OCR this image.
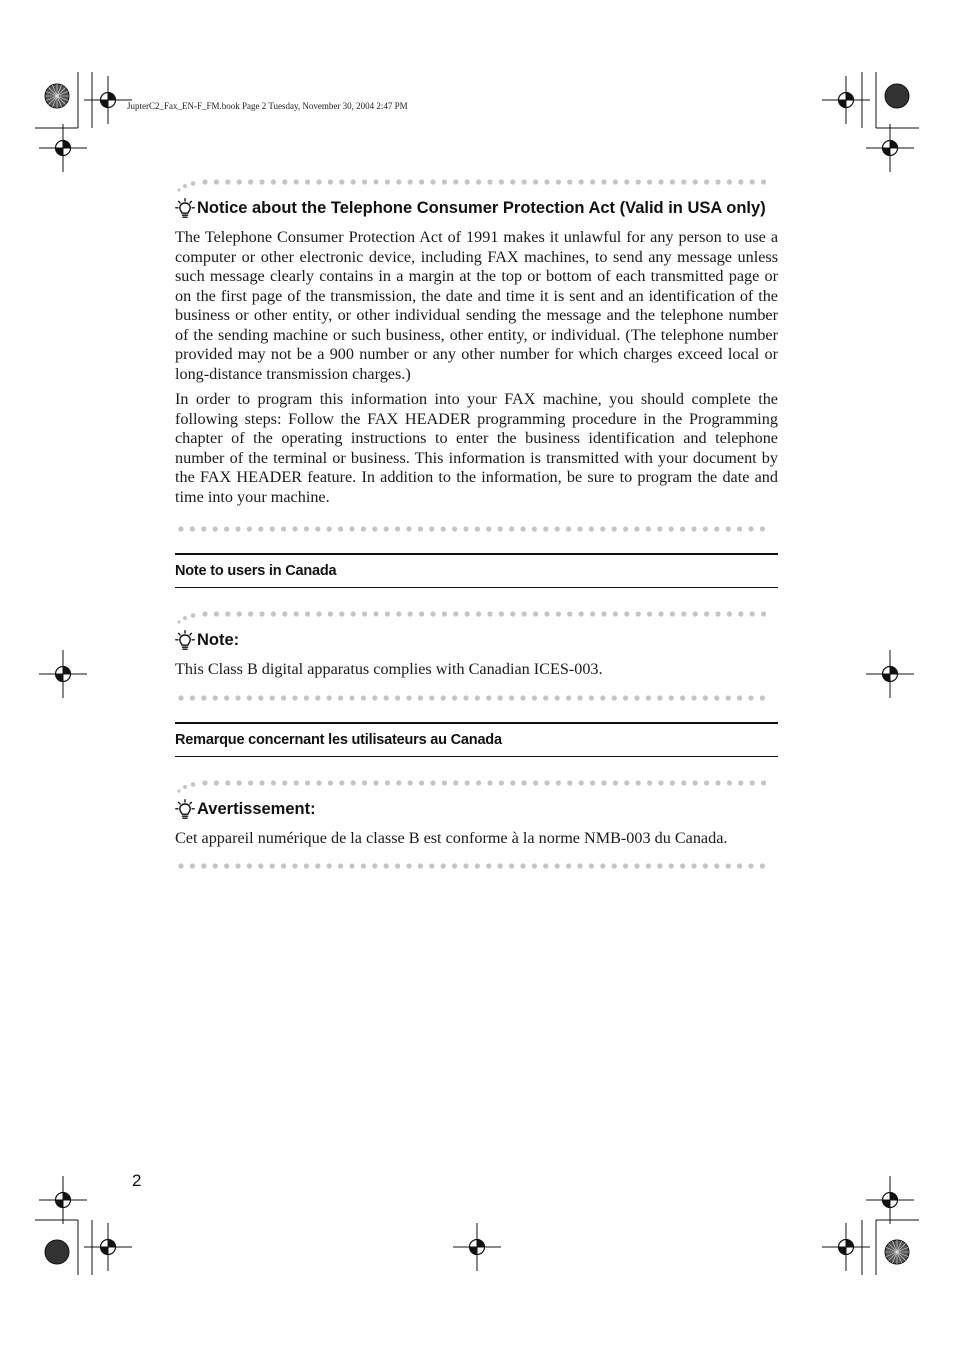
JupterC2_Fax_EN-F_FM.book Page 2 Tuesday, November 30, 2004 2:47 PM
Notice about the Telephone Consumer Protection Act (Valid in USA only)

The Telephone Consumer Protection Act of 1991 makes it unlawful for any person to use a computer or other electronic device, including FAX machines, to send any message unless such message clearly contains in a margin at the top or bottom of each transmitted page or on the first page of the transmission, the date and time it is sent and an identification of the business or other entity, or other individual sending the message and the telephone number of the sending machine or such business, other entity, or individual. (The telephone number provided may not be a 900 number or any other number for which charges exceed local or long-distance transmission charges.)

In order to program this information into your FAX machine, you should complete the following steps: Follow the FAX HEADER programming procedure in the Programming chapter of the operating instructions to enter the business identification and telephone number of the terminal or business. This information is transmitted with your document by the FAX HEADER feature. In addition to the information, be sure to program the date and time into your machine.

Note to users in Canada
Note:

This Class B digital apparatus complies with Canadian ICES-003.

Remarque concernant les utilisateurs au Canada
Avertissement:

Cet appareil numérique de la classe B est conforme à la norme NMB-003 du Canada.

2
